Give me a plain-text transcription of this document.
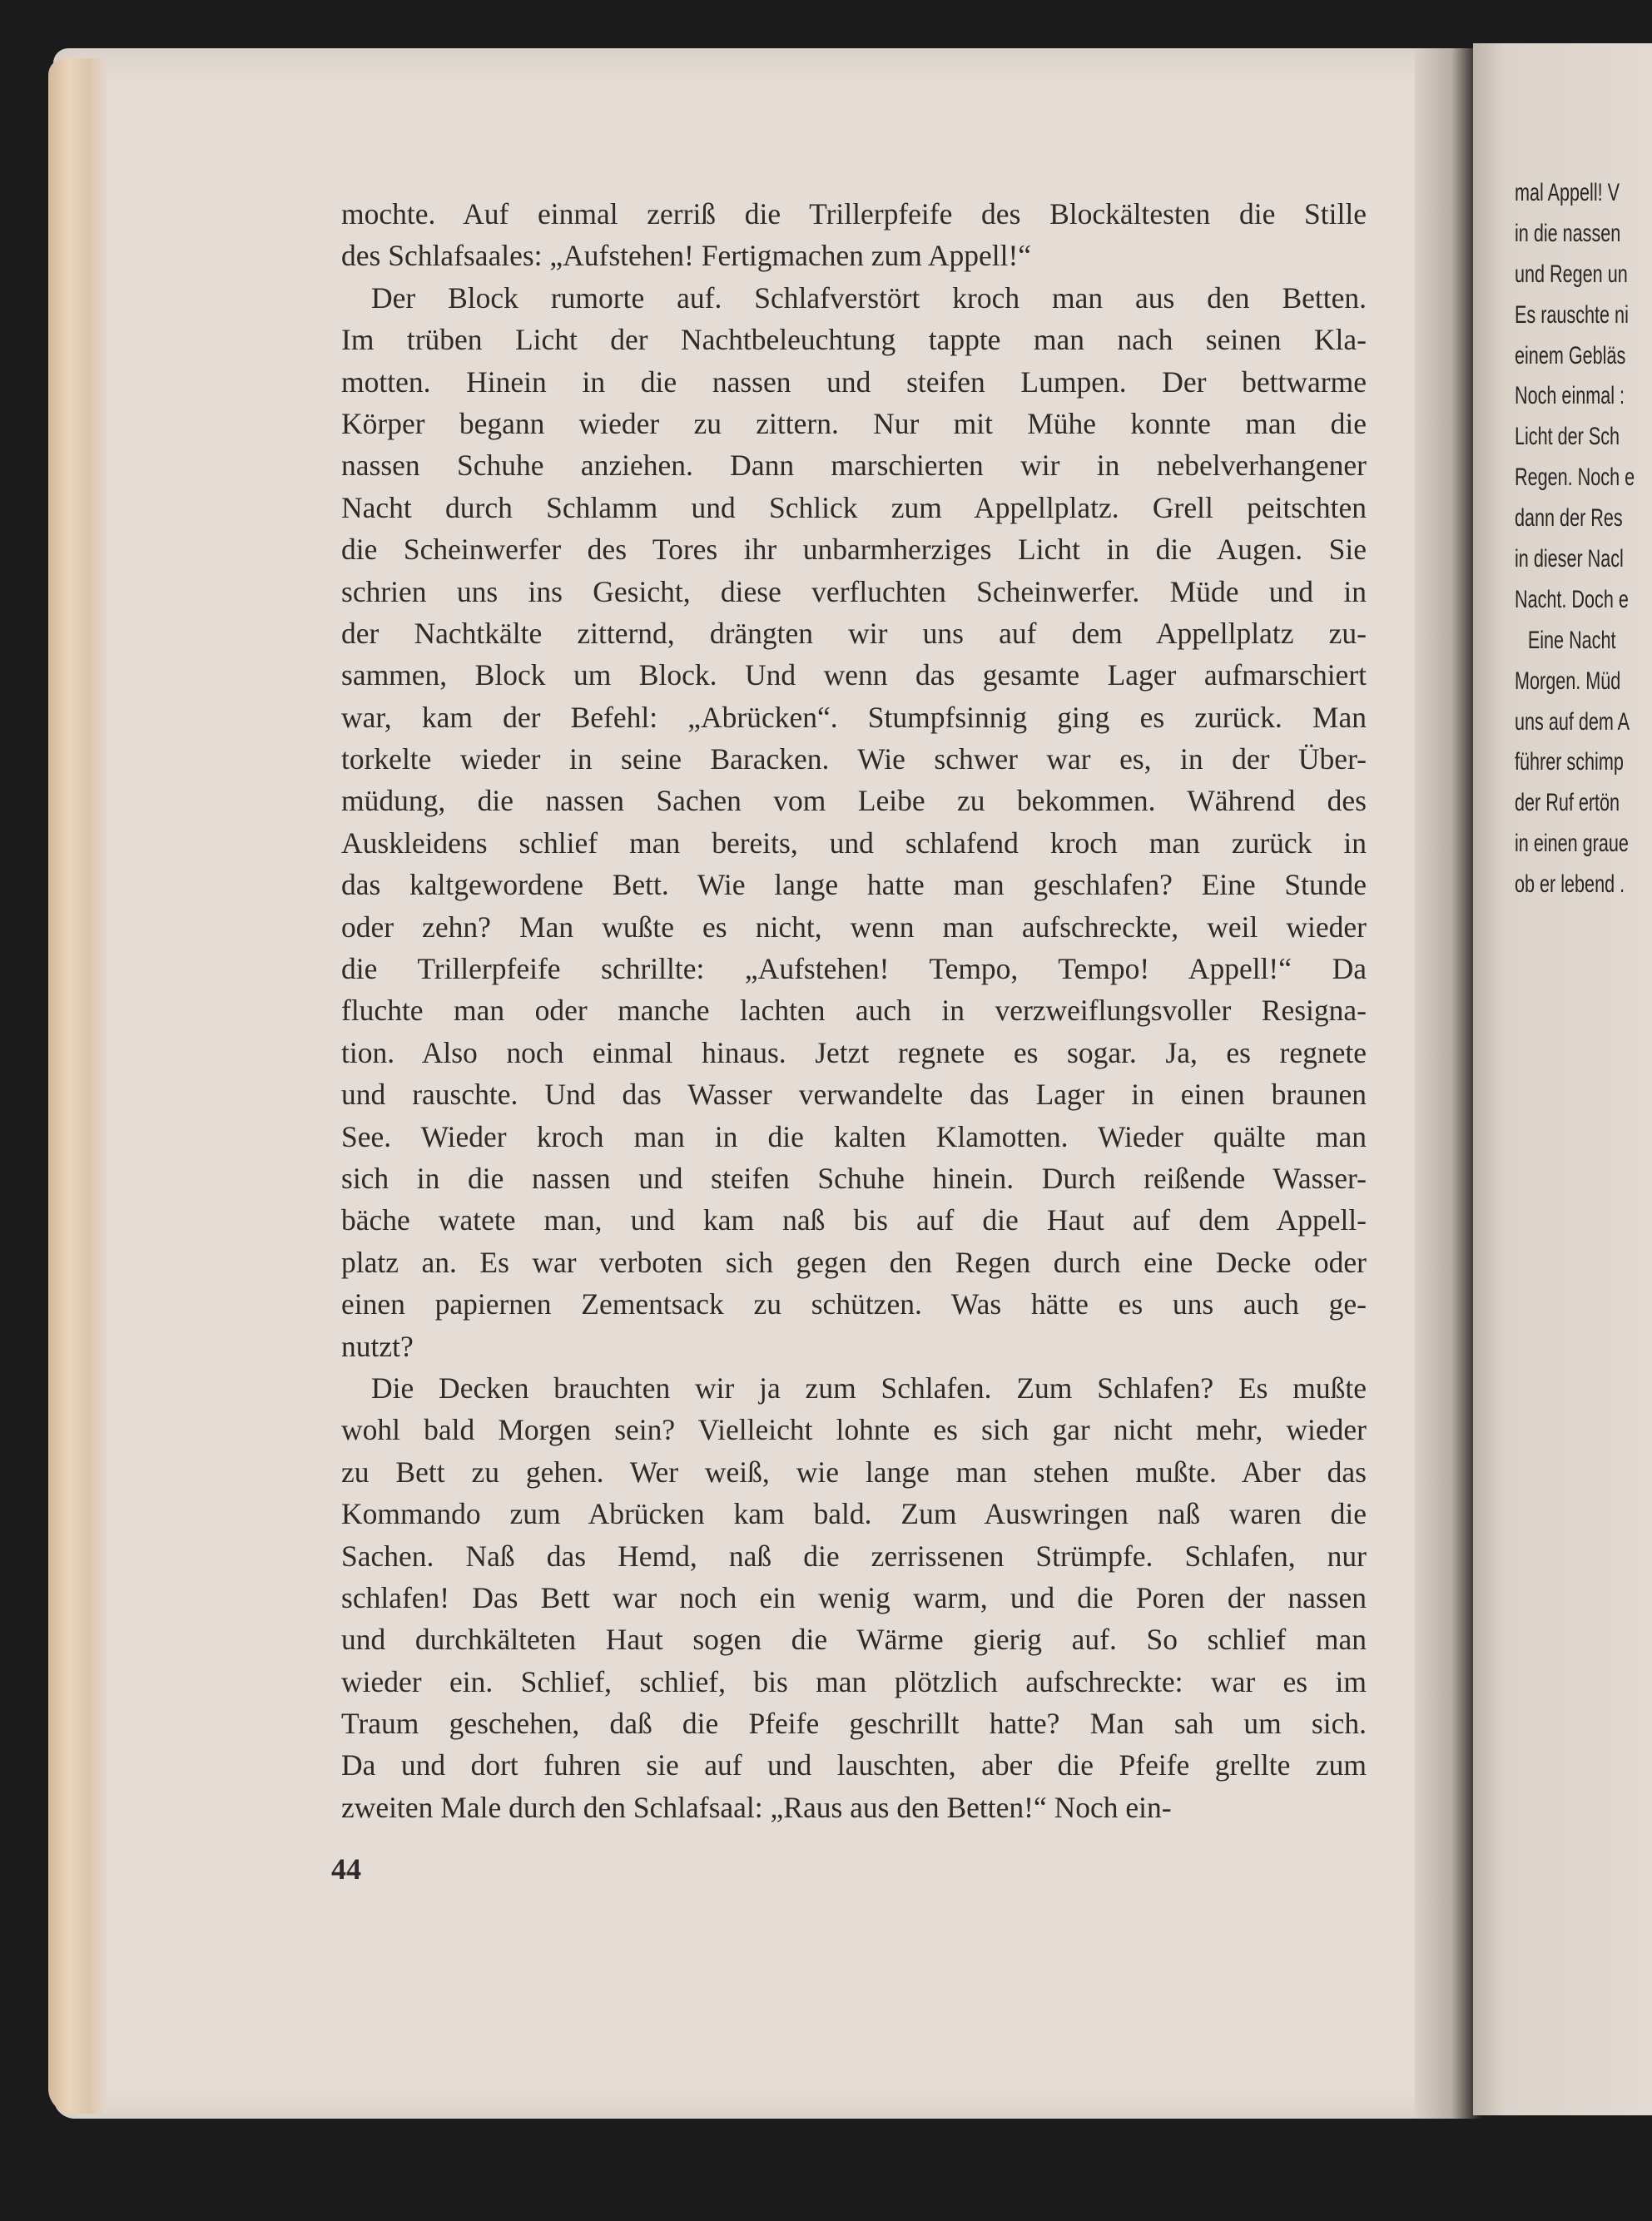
mochte. Auf einmal zerriß die Trillerpfeife des Blockältesten die Stille
des Schlafsaales: „Aufstehen! Fertigmachen zum Appell!“
Der Block rumorte auf. Schlafverstört kroch man aus den Betten.
Im trüben Licht der Nachtbeleuchtung tappte man nach seinen Kla-
motten. Hinein in die nassen und steifen Lumpen. Der bettwarme
Körper begann wieder zu zittern. Nur mit Mühe konnte man die
nassen Schuhe anziehen. Dann marschierten wir in nebelverhangener
Nacht durch Schlamm und Schlick zum Appellplatz. Grell peitschten
die Scheinwerfer des Tores ihr unbarmherziges Licht in die Augen. Sie
schrien uns ins Gesicht, diese verfluchten Scheinwerfer. Müde und in
der Nachtkälte zitternd, drängten wir uns auf dem Appellplatz zu-
sammen, Block um Block. Und wenn das gesamte Lager aufmarschiert
war, kam der Befehl: „Abrücken“. Stumpfsinnig ging es zurück. Man
torkelte wieder in seine Baracken. Wie schwer war es, in der Über-
müdung, die nassen Sachen vom Leibe zu bekommen. Während des
Auskleidens schlief man bereits, und schlafend kroch man zurück in
das kaltgewordene Bett. Wie lange hatte man geschlafen? Eine Stunde
oder zehn? Man wußte es nicht, wenn man aufschreckte, weil wieder
die Trillerpfeife schrillte: „Aufstehen! Tempo, Tempo! Appell!“ Da
fluchte man oder manche lachten auch in verzweiflungsvoller Resigna-
tion. Also noch einmal hinaus. Jetzt regnete es sogar. Ja, es regnete
und rauschte. Und das Wasser verwandelte das Lager in einen braunen
See. Wieder kroch man in die kalten Klamotten. Wieder quälte man
sich in die nassen und steifen Schuhe hinein. Durch reißende Wasser-
bäche watete man, und kam naß bis auf die Haut auf dem Appell-
platz an. Es war verboten sich gegen den Regen durch eine Decke oder
einen papiernen Zementsack zu schützen. Was hätte es uns auch ge-
nutzt?
Die Decken brauchten wir ja zum Schlafen. Zum Schlafen? Es mußte
wohl bald Morgen sein? Vielleicht lohnte es sich gar nicht mehr, wieder
zu Bett zu gehen. Wer weiß, wie lange man stehen mußte. Aber das
Kommando zum Abrücken kam bald. Zum Auswringen naß waren die
Sachen. Naß das Hemd, naß die zerrissenen Strümpfe. Schlafen, nur
schlafen! Das Bett war noch ein wenig warm, und die Poren der nassen
und durchkälteten Haut sogen die Wärme gierig auf. So schlief man
wieder ein. Schlief, schlief, bis man plötzlich aufschreckte: war es im
Traum geschehen, daß die Pfeife geschrillt hatte? Man sah um sich.
Da und dort fuhren sie auf und lauschten, aber die Pfeife grellte zum
zweiten Male durch den Schlafsaal: „Raus aus den Betten!“ Noch ein-
44
mal Appell! V
in die nassen
und Regen un
Es rauschte ni
einem Gebläs
Noch einmal :
Licht der Sch
Regen. Noch e
dann der Res
in dieser Nacl
Nacht. Doch e
Eine Nacht
Morgen. Müd
uns auf dem A
führer schimp
der Ruf ertön
in einen graue
ob er lebend .
